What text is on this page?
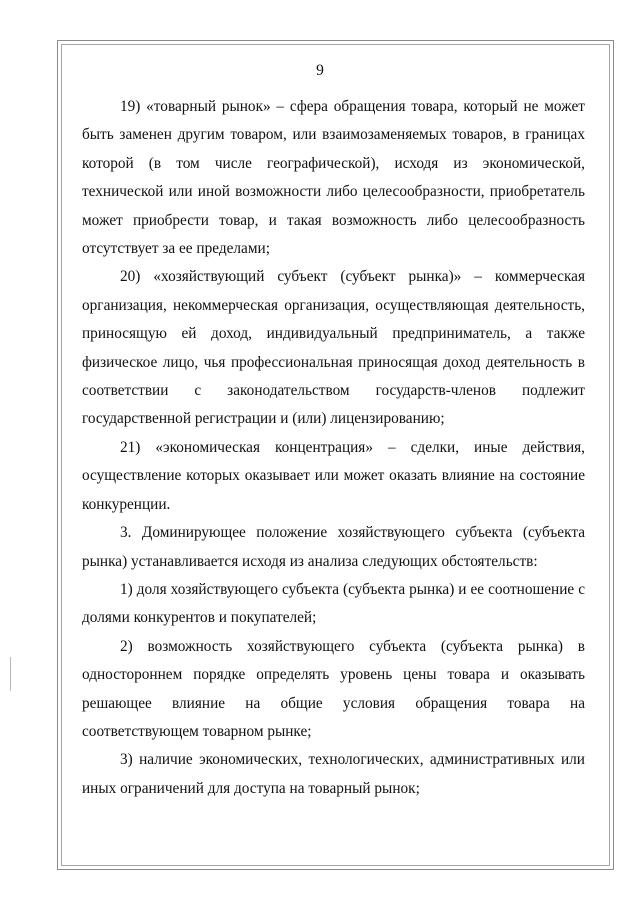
9

19) «товарный рынок» – сфера обращения товара, который не может быть заменен другим товаром, или взаимозаменяемых товаров, в границах которой (в том числе географической), исходя из экономической, технической или иной возможности либо целесообразности, приобретатель может приобрести товар, и такая возможность либо целесообразность отсутствует за ее пределами;

20) «хозяйствующий субъект (субъект рынка)» – коммерческая организация, некоммерческая организация, осуществляющая деятельность, приносящую ей доход, индивидуальный предприниматель, а также физическое лицо, чья профессиональная приносящая доход деятельность в соответствии с законодательством государств-членов подлежит государственной регистрации и (или) лицензированию;

21) «экономическая концентрация» – сделки, иные действия, осуществление которых оказывает или может оказать влияние на состояние конкуренции.

3. Доминирующее положение хозяйствующего субъекта (субъекта рынка) устанавливается исходя из анализа следующих обстоятельств:

1) доля хозяйствующего субъекта (субъекта рынка) и ее соотношение с долями конкурентов и покупателей;

2) возможность хозяйствующего субъекта (субъекта рынка) в одностороннем порядке определять уровень цены товара и оказывать решающее влияние на общие условия обращения товара на соответствующем товарном рынке;

3) наличие экономических, технологических, административных или иных ограничений для доступа на товарный рынок;
